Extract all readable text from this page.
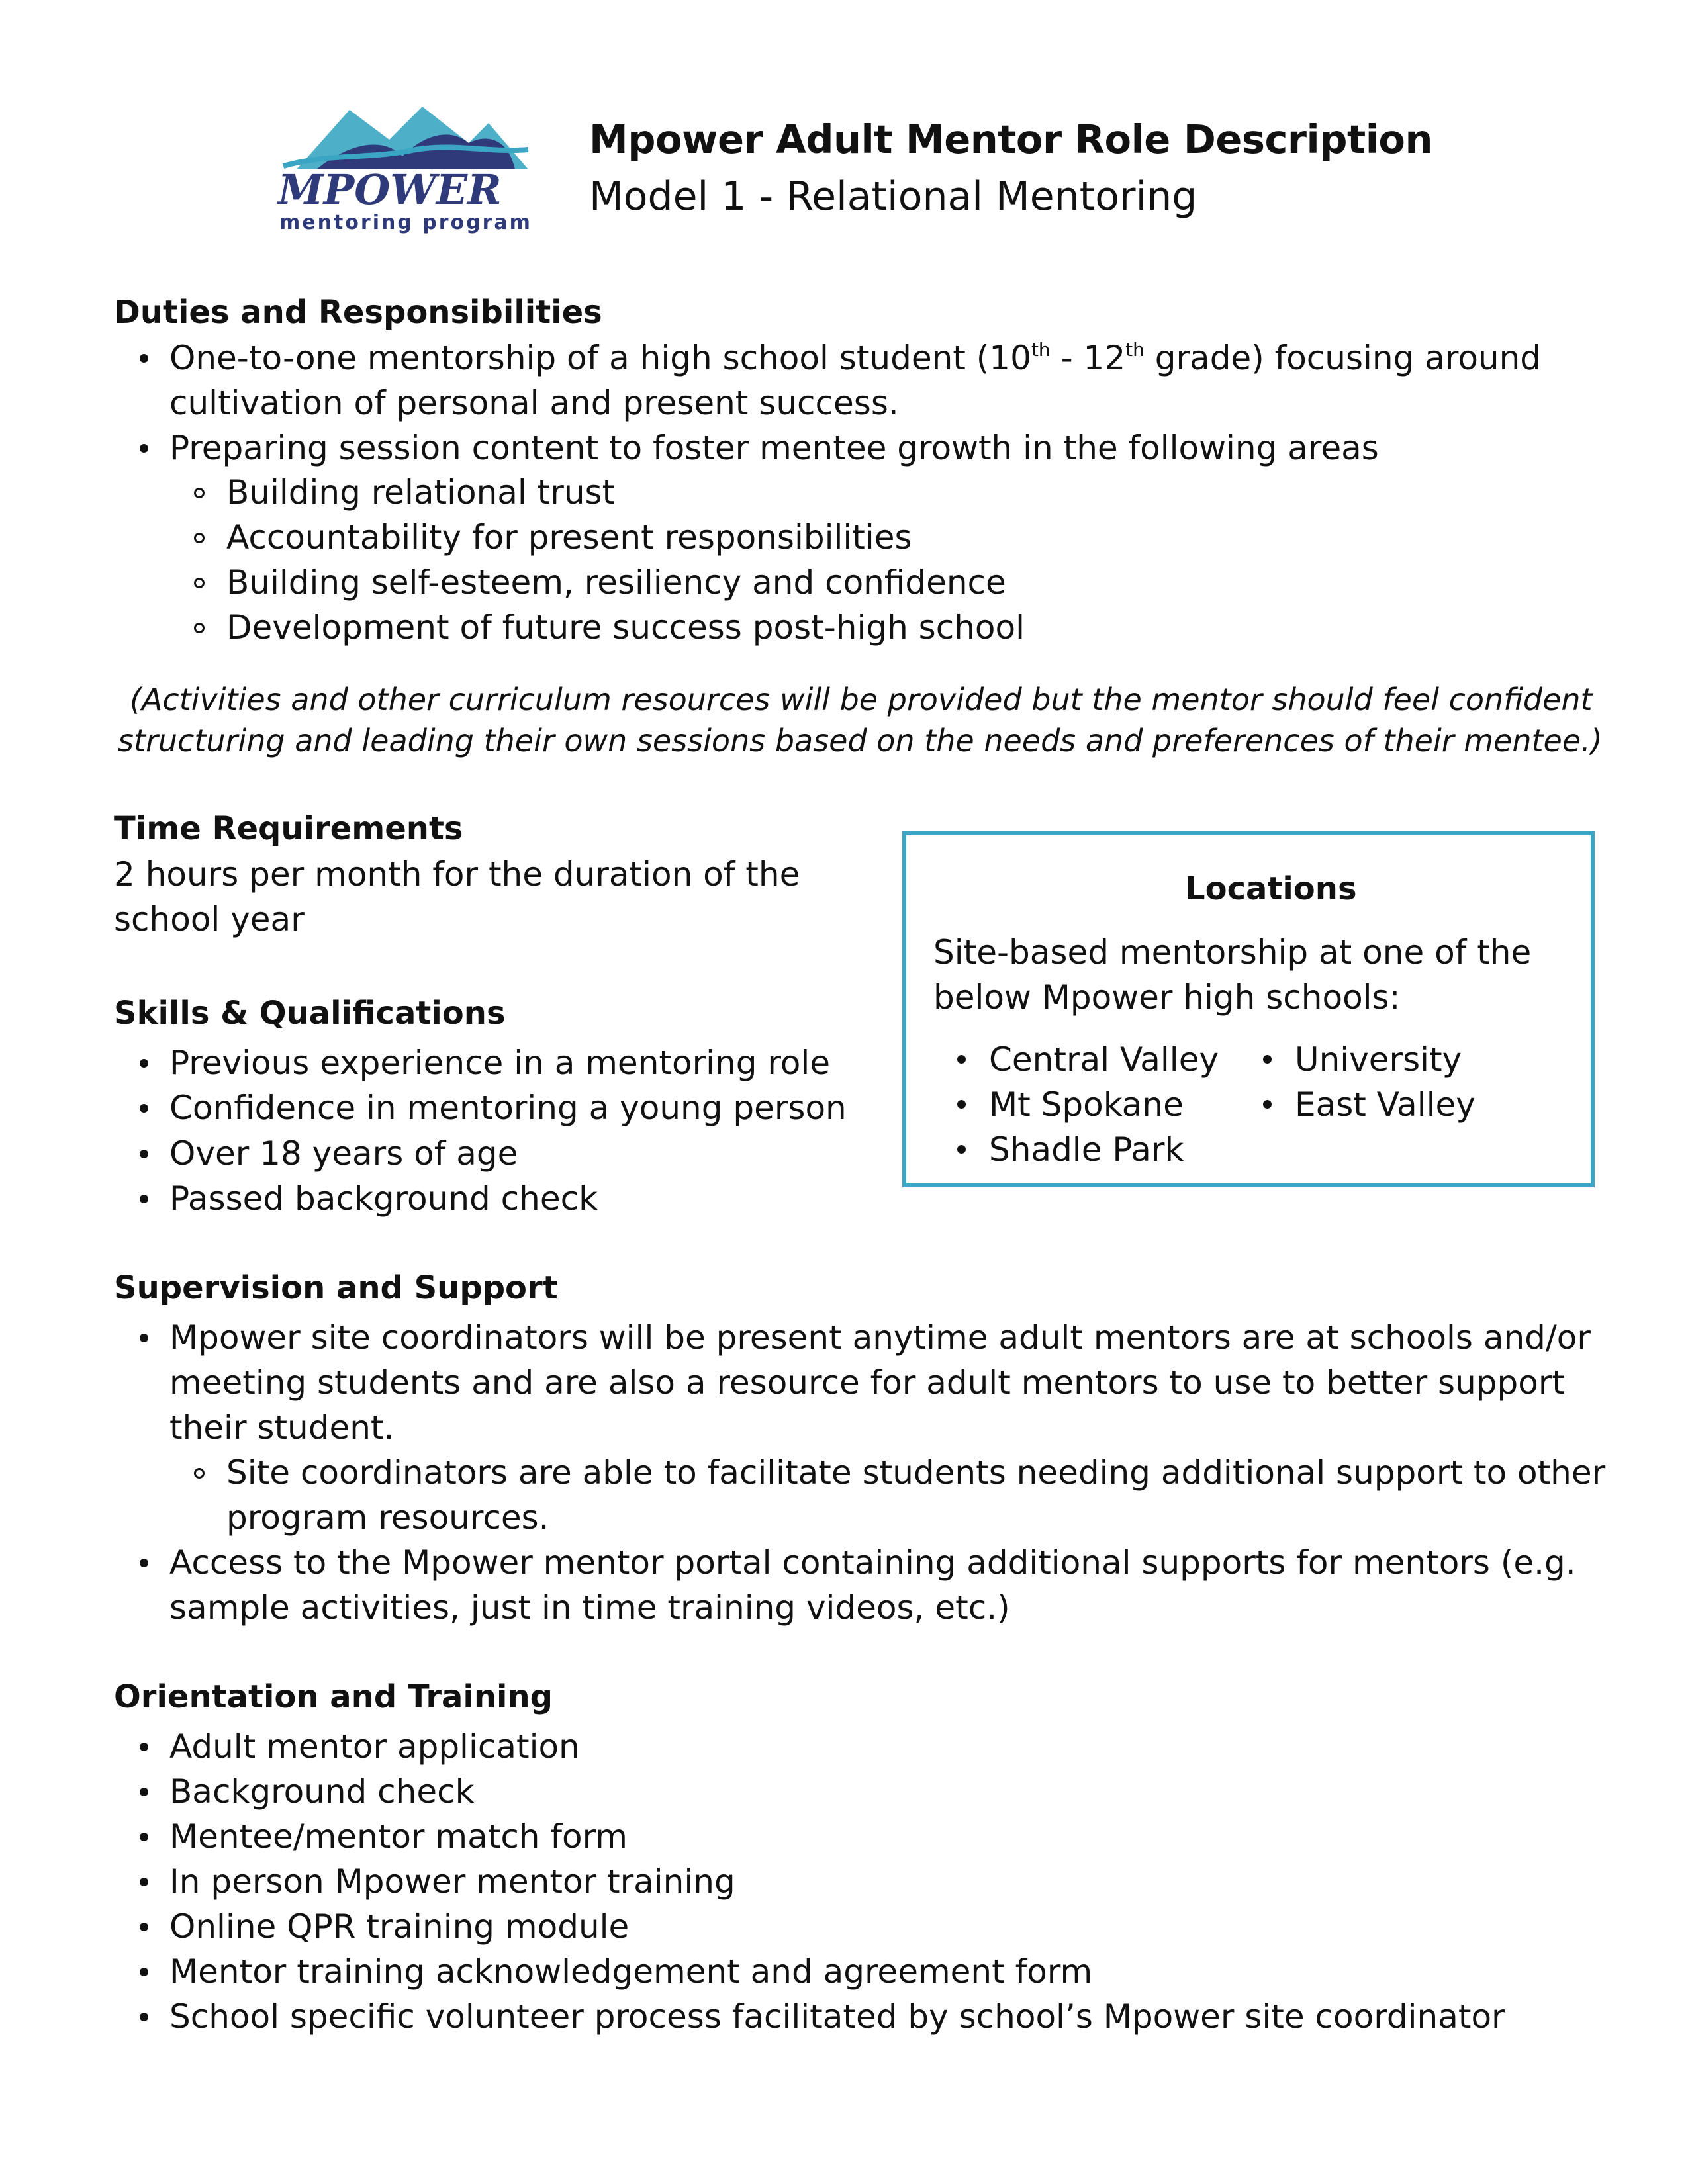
MPOWER
mentoring program
Mpower Adult Mentor Role Description
Model 1 - Relational Mentoring
Duties and Responsibilities
One-to-one mentorship of a high school student (10th - 12th grade) focusing around
cultivation of personal and present success.
Preparing session content to foster mentee growth in the following areas
Building relational trust
Accountability for present responsibilities
Building self-esteem, resiliency and confidence
Development of future success post-high school
(Activities and other curriculum resources will be provided but the mentor should feel confident
structuring and leading their own sessions based on the needs and preferences of their mentee.)
Time Requirements
2 hours per month for the duration of the
school year
Skills & Qualifications
Previous experience in a mentoring role
Confidence in mentoring a young person
Over 18 years of age
Passed background check
Locations
Site-based mentorship at one of the
below Mpower high schools:
Central Valley
Mt Spokane
Shadle Park
University
East Valley
Supervision and Support
Mpower site coordinators will be present anytime adult mentors are at schools and/or
meeting students and are also a resource for adult mentors to use to better support
their student.
Site coordinators are able to facilitate students needing additional support to other
program resources.
Access to the Mpower mentor portal containing additional supports for mentors (e.g.
sample activities, just in time training videos, etc.)
Orientation and Training
Adult mentor application
Background check
Mentee/mentor match form
In person Mpower mentor training
Online QPR training module
Mentor training acknowledgement and agreement form
School specific volunteer process facilitated by school’s Mpower site coordinator
